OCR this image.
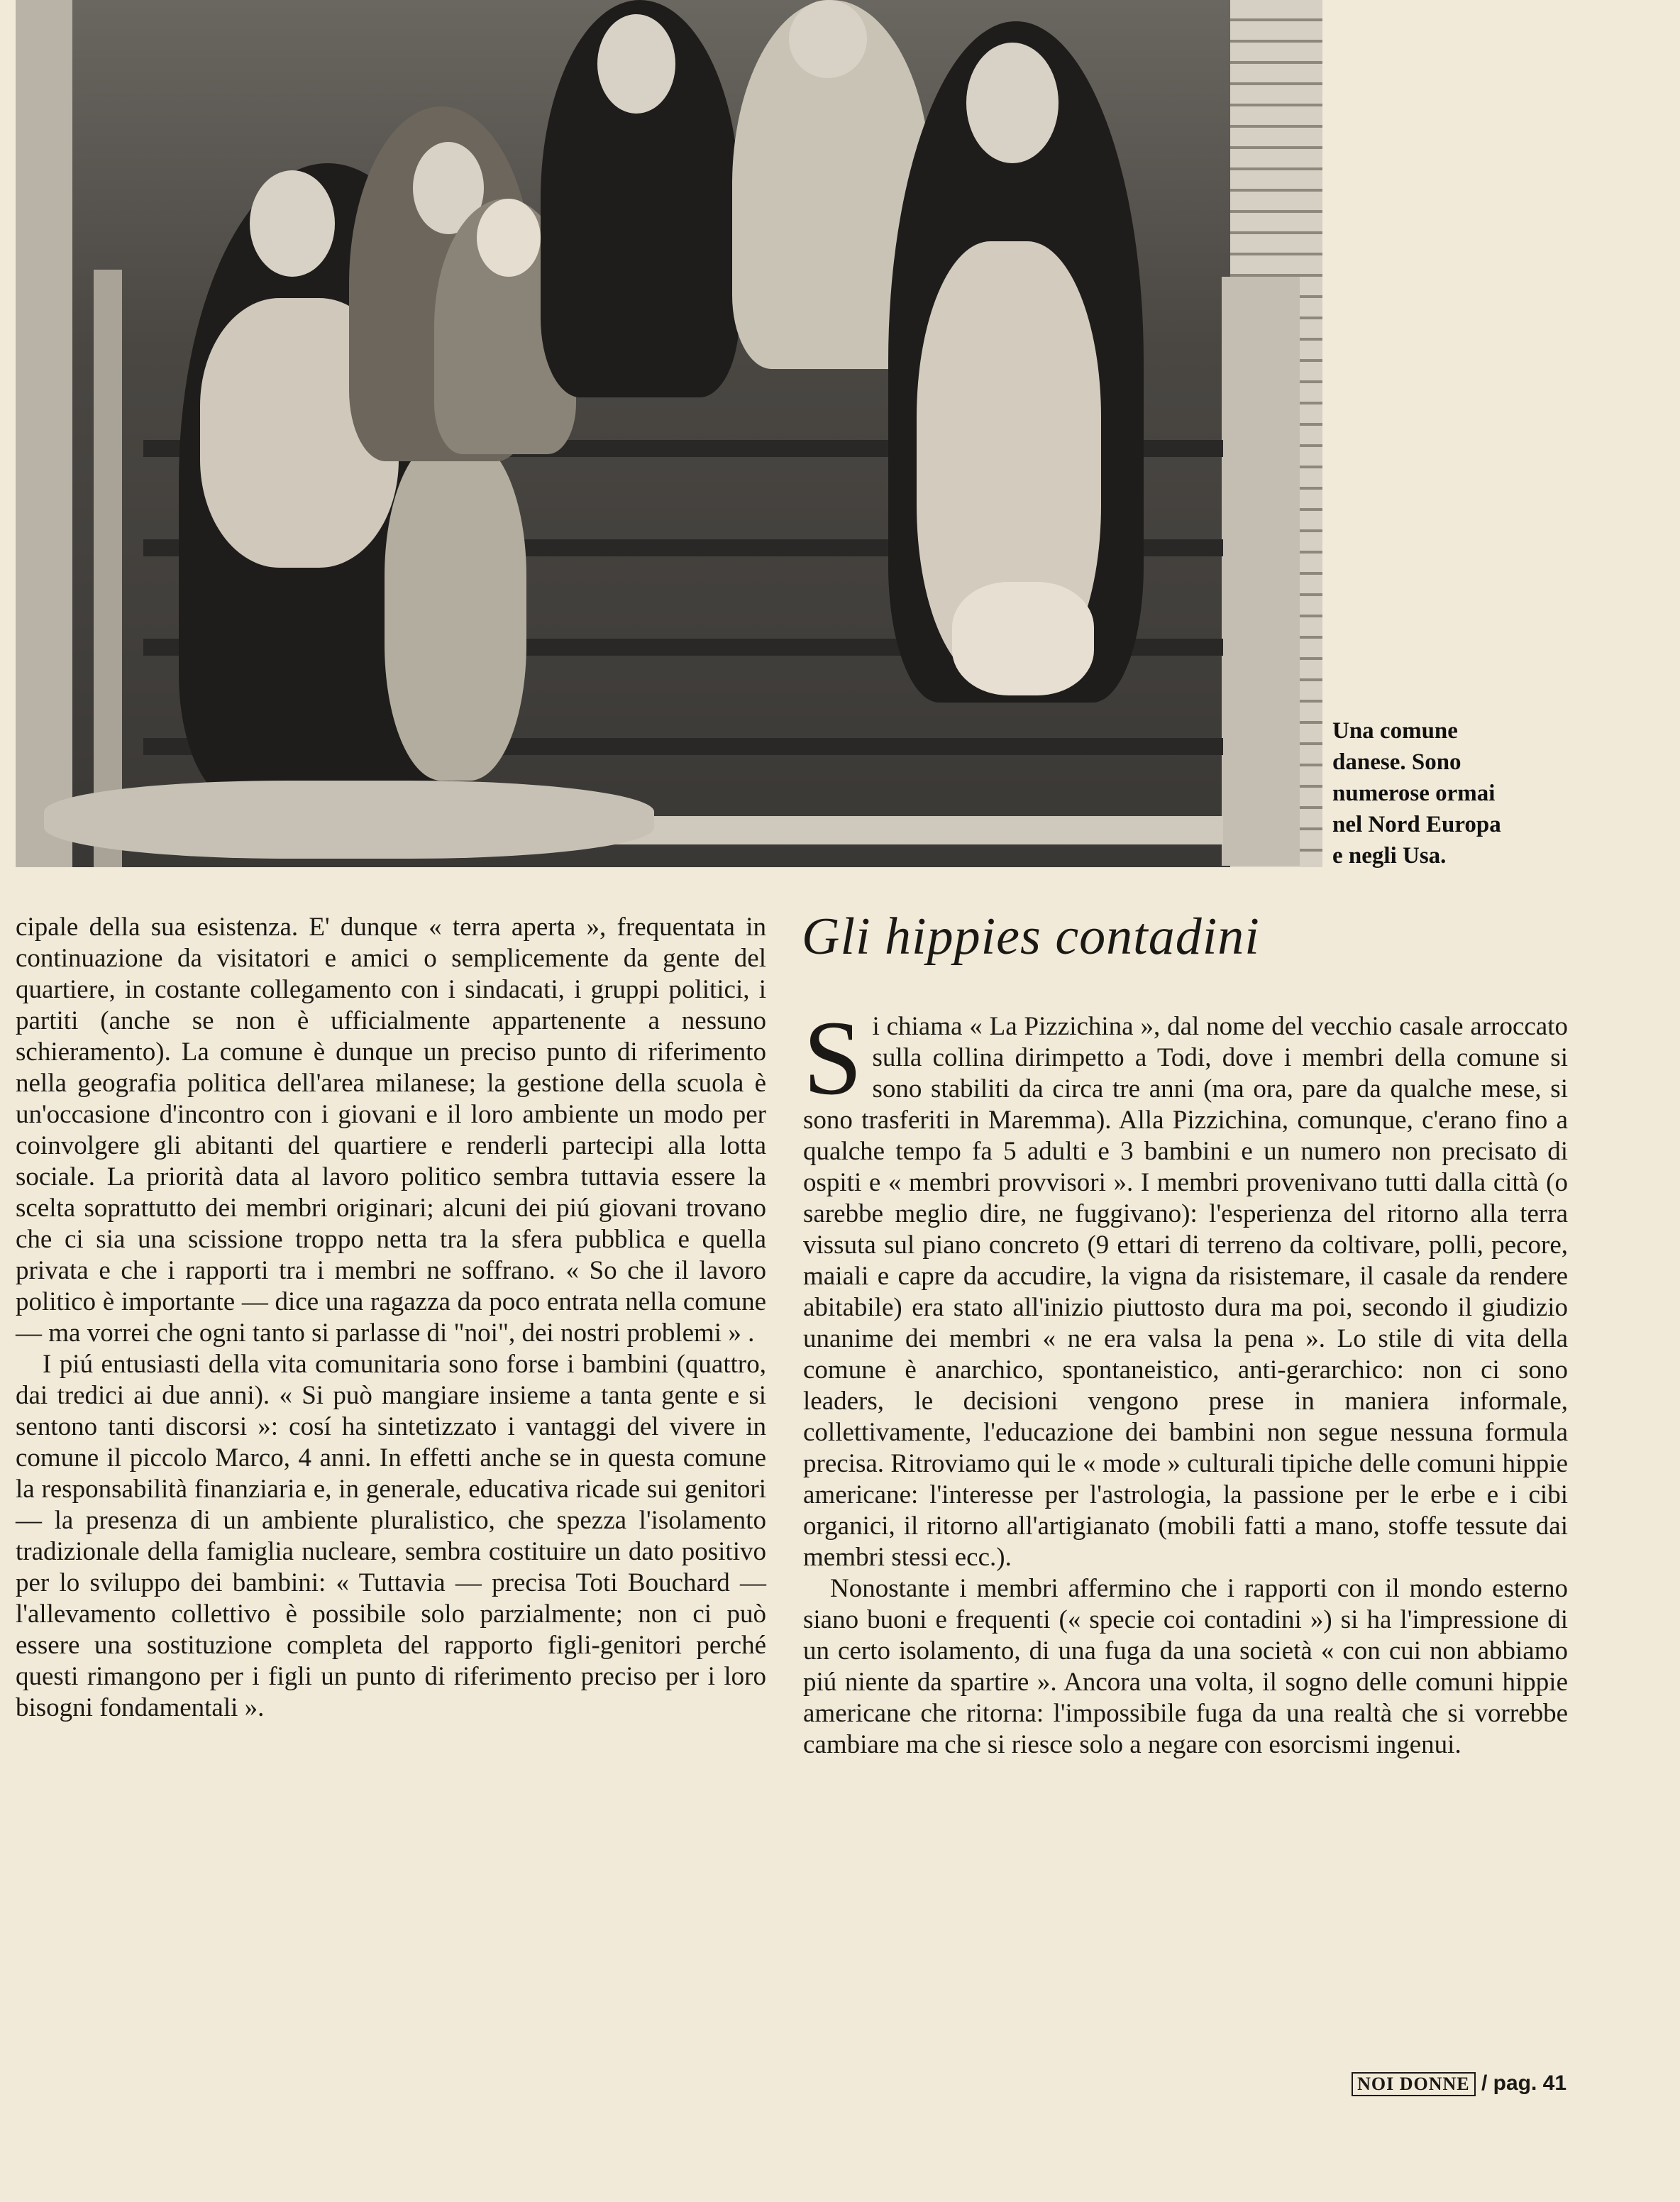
Una comune
danese. Sono
numerose ormai
nel Nord Europa
e negli Usa.

cipale della sua esistenza. E' dunque « terra aperta », frequentata in continuazione da visitatori e amici o semplicemente da gente del quartiere, in costante collegamento con i sindacati, i gruppi politici, i partiti (anche se non è ufficialmente appartenente a nessuno schieramento). La comune è dunque un preciso punto di riferimento nella geografia politica dell'area milanese; la gestione della scuola è un'occasione d'incontro con i giovani e il loro ambiente un modo per coinvolgere gli abitanti del quartiere e renderli partecipi alla lotta sociale. La priorità data al lavoro politico sembra tuttavia essere la scelta soprattutto dei membri originari; alcuni dei piú giovani trovano che ci sia una scissione troppo netta tra la sfera pubblica e quella privata e che i rapporti tra i membri ne soffrano. « So che il lavoro politico è importante — dice una ragazza da poco entrata nella comune — ma vorrei che ogni tanto si parlasse di "noi", dei nostri problemi » .

I piú entusiasti della vita comunitaria sono forse i bambini (quattro, dai tredici ai due anni). « Si può mangiare insieme a tanta gente e si sentono tanti discorsi »: cosí ha sintetizzato i vantaggi del vivere in comune il piccolo Marco, 4 anni. In effetti anche se in questa comune la responsabilità finanziaria e, in generale, educativa ricade sui genitori — la presenza di un ambiente pluralistico, che spezza l'isolamento tradizionale della famiglia nucleare, sembra costituire un dato positivo per lo sviluppo dei bambini: « Tuttavia — precisa Toti Bouchard — l'allevamento collettivo è possibile solo parzialmente; non ci può essere una sostituzione completa del rapporto figli-genitori perché questi rimangono per i figli un punto di riferimento preciso per i loro bisogni fondamentali ».

Gli hippies contadini

Si chiama « La Pizzichina », dal nome del vecchio casale arroccato sulla collina dirimpetto a Todi, dove i membri della comune si sono stabiliti da circa tre anni (ma ora, pare da qualche mese, si sono trasferiti in Maremma). Alla Pizzichina, comunque, c'erano fino a qualche tempo fa 5 adulti e 3 bambini e un numero non precisato di ospiti e « membri provvisori ». I membri provenivano tutti dalla città (o sarebbe meglio dire, ne fuggivano): l'esperienza del ritorno alla terra vissuta sul piano concreto (9 ettari di terreno da coltivare, polli, pecore, maiali e capre da accudire, la vigna da risistemare, il casale da rendere abitabile) era stato all'inizio piuttosto dura ma poi, secondo il giudizio unanime dei membri « ne era valsa la pena ». Lo stile di vita della comune è anarchico, spontaneistico, anti-gerarchico: non ci sono leaders, le decisioni vengono prese in maniera informale, collettivamente, l'educazione dei bambini non segue nessuna formula precisa. Ritroviamo qui le « mode » culturali tipiche delle comuni hippie americane: l'interesse per l'astrologia, la passione per le erbe e i cibi organici, il ritorno all'artigianato (mobili fatti a mano, stoffe tessute dai membri stessi ecc.).

Nonostante i membri affermino che i rapporti con il mondo esterno siano buoni e frequenti (« specie coi contadini ») si ha l'impressione di un certo isolamento, di una fuga da una società « con cui non abbiamo piú niente da spartire ». Ancora una volta, il sogno delle comuni hippie americane che ritorna: l'impossibile fuga da una realtà che si vorrebbe cambiare ma che si riesce solo a negare con esorcismi ingenui.

NOI DONNE / pag. 41
